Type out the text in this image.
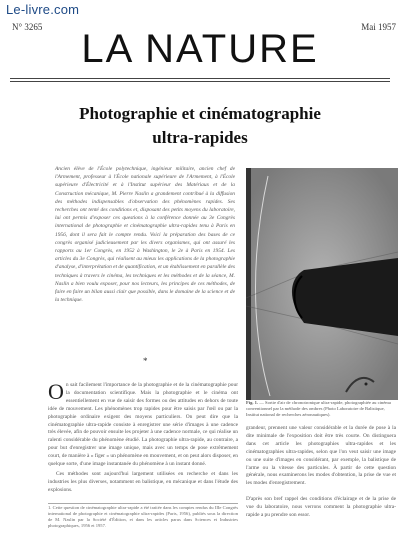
Le-livre.com
N° 3265	Mai 1957
LA NATURE
Photographie et cinématographie
ultra-rapides
Ancien élève de l'École polytechnique, ingénieur militaire, ancien chef de l'Armement, professeur à l'École nationale supérieure de l'Armement, à l'École supérieure d'Électricité et à l'Institut supérieur des Matériaux et de la Construction mécanique, M. Pierre Naslin a grandement contribué à la diffusion des méthodes indispensables d'observation des phénomènes rapides. Ses recherches ont tenté des conditions et, disposant des petits moyens du laboratoire, lui ont permis d'exposer ces questions à la conférence donnée au 3e Congrès international de photographie et cinématographie ultra-rapides tenu à Paris en 1956, dont il sera fait le compte rendu. Voici la préparation des bases de ce congrès organisé judicieusement par les divers organismes, qui ont assuré les rapports au 1er Congrès, en 1952 à Washington, le 2e à Paris en 1954. Les articles du 3e Congrès, qui réalisent au mieux les applications de la photographie d'analyse, d'interprétation et de quantification, et un établissement en parallèle des techniques à travers le cinéma, les techniques et les méthodes et de la séance, M. Naslin a bien voulu exposer, pour nos lecteurs, les principes de ces méthodes, de faire en faire un bilan aussi clair que possible, dans le domaine de la science et de la technique.
*
On sait facilement l'importance de la photographie et de la cinématographie pour la documentation scientifique. Mais la photographie et le cinéma ont essentiellement en vue de saisir des formes ou des attitudes en dehors de toute idée de mouvement. Les phénomènes trop rapides pour être saisis par l'œil ou par la photographie ordinaire exigent des moyens particuliers. On peut dire que la cinématographie ultra-rapide consiste à enregistrer une série d'images à une cadence très élevée, afin de pouvoir ensuite les projeter à une cadence normale, ce qui réalise un ralenti considérable du phénomène étudié. La photographie ultra-rapide, au contraire, a pour but d'enregistrer une image unique, mais avec un temps de pose extrêmement court, de manière à « figer » un phénomène en mouvement, et on peut alors disposer, en quelque sorte, d'une image instantanée du phénomène à un instant donné.
Ces méthodes sont aujourd'hui largement utilisées en recherche et dans les industries les plus diverses, notamment en balistique, en mécanique et dans l'étude des explosions.
1. Cette question de cinématographie ultra-rapide a été traitée dans les comptes rendus du IIIe Congrès international de photographie et cinématographie ultra-rapides (Paris, 1956), publiés sous la direction de M. Naslin par la Société d'Édition, et dans les articles parus dans Sciences et Industries photographiques, 1956 et 1957.
Fig. 1. — Sortie d'air de chronotronique ultra-rapide, photographiée au cinéma conventionnel par la méthode des ombres (Photo Laboratoire de Balistique, Institut national de recherches aéronautiques).
grandeur, prennent une valeur considérable et la durée de pose à la dite minimale de l'exposition doit être très courte. On distinguera dans cet article les photographies ultra-rapides et les cinématographies ultra-rapides, selon que l'on veut saisir une image ou une suite d'images en considérant, par exemple, la balistique de l'arme ou la vitesse des particules. À partir de cette question générale, nous examinerons les modes d'obtention, la prise de vue et les modes d'enregistrement.

D'après son bref rappel des conditions d'éclairage et de la prise de vue du laboratoire, nous verrons comment la photographie ultra-rapide a pu prendre son essor.
